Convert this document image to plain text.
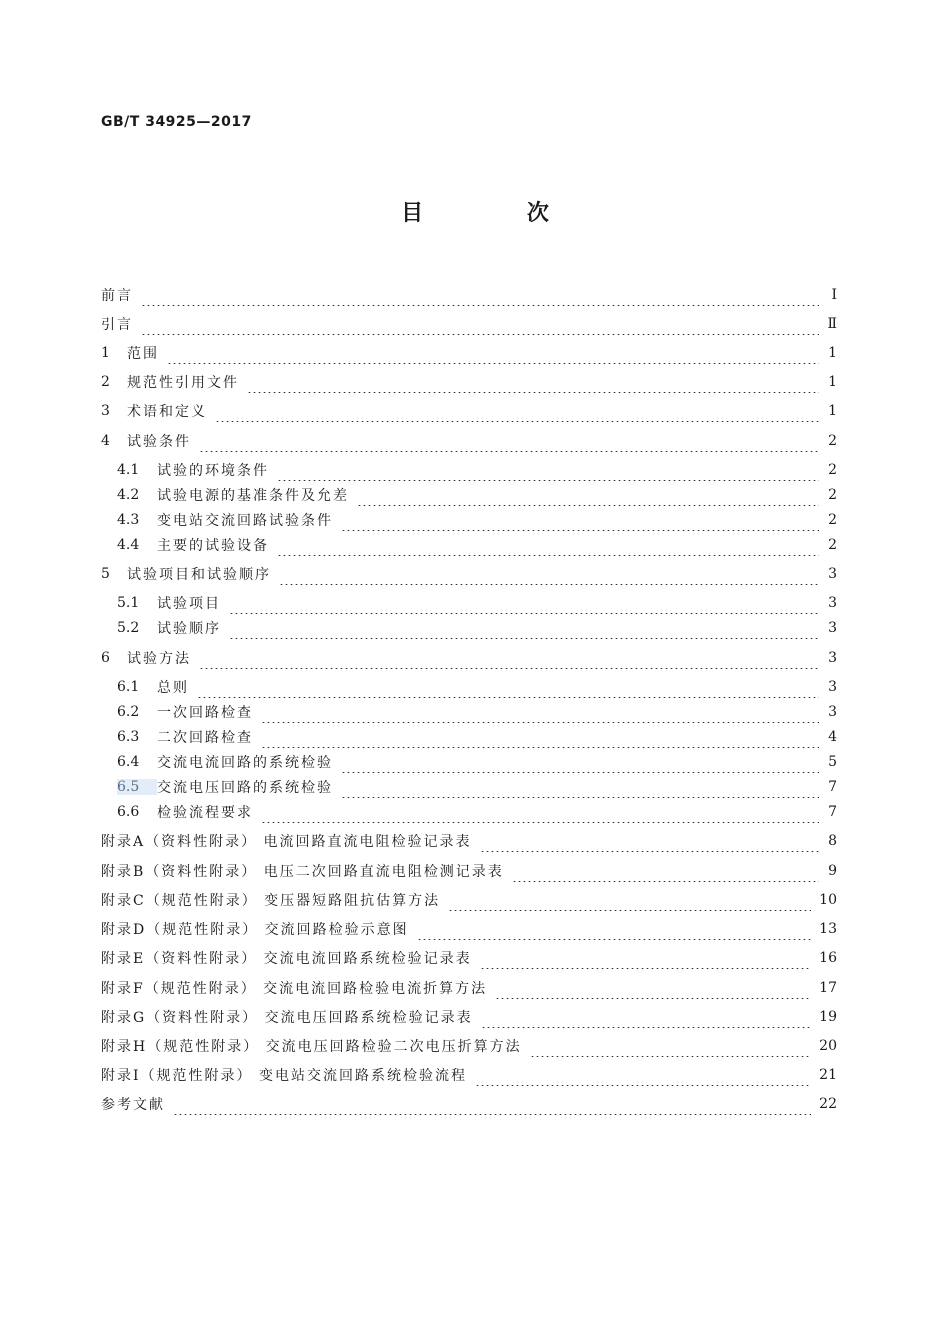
GB/T 34925—2017
目 次
前言	Ⅰ
引言	Ⅱ
1	范围	1
2	规范性引用文件	1
3	术语和定义	1
4	试验条件	2
4.1	试验的环境条件	2
4.2	试验电源的基准条件及允差	2
4.3	变电站交流回路试验条件	2
4.4	主要的试验设备	2
5	试验项目和试验顺序	3
5.1	试验项目	3
5.2	试验顺序	3
6	试验方法	3
6.1	总则	3
6.2	一次回路检查	3
6.3	二次回路检查	4
6.4	交流电流回路的系统检验	5
6.5	交流电压回路的系统检验	7
6.6	检验流程要求	7
附录A（资料性附录） 电流回路直流电阻检验记录表	8
附录B（资料性附录） 电压二次回路直流电阻检测记录表	9
附录C（规范性附录） 变压器短路阻抗估算方法	10
附录D（规范性附录） 交流回路检验示意图	13
附录E（资料性附录） 交流电流回路系统检验记录表	16
附录F（规范性附录） 交流电流回路检验电流折算方法	17
附录G（资料性附录） 交流电压回路系统检验记录表	19
附录H（规范性附录） 交流电压回路检验二次电压折算方法	20
附录I（规范性附录） 变电站交流回路系统检验流程	21
参考文献	22
